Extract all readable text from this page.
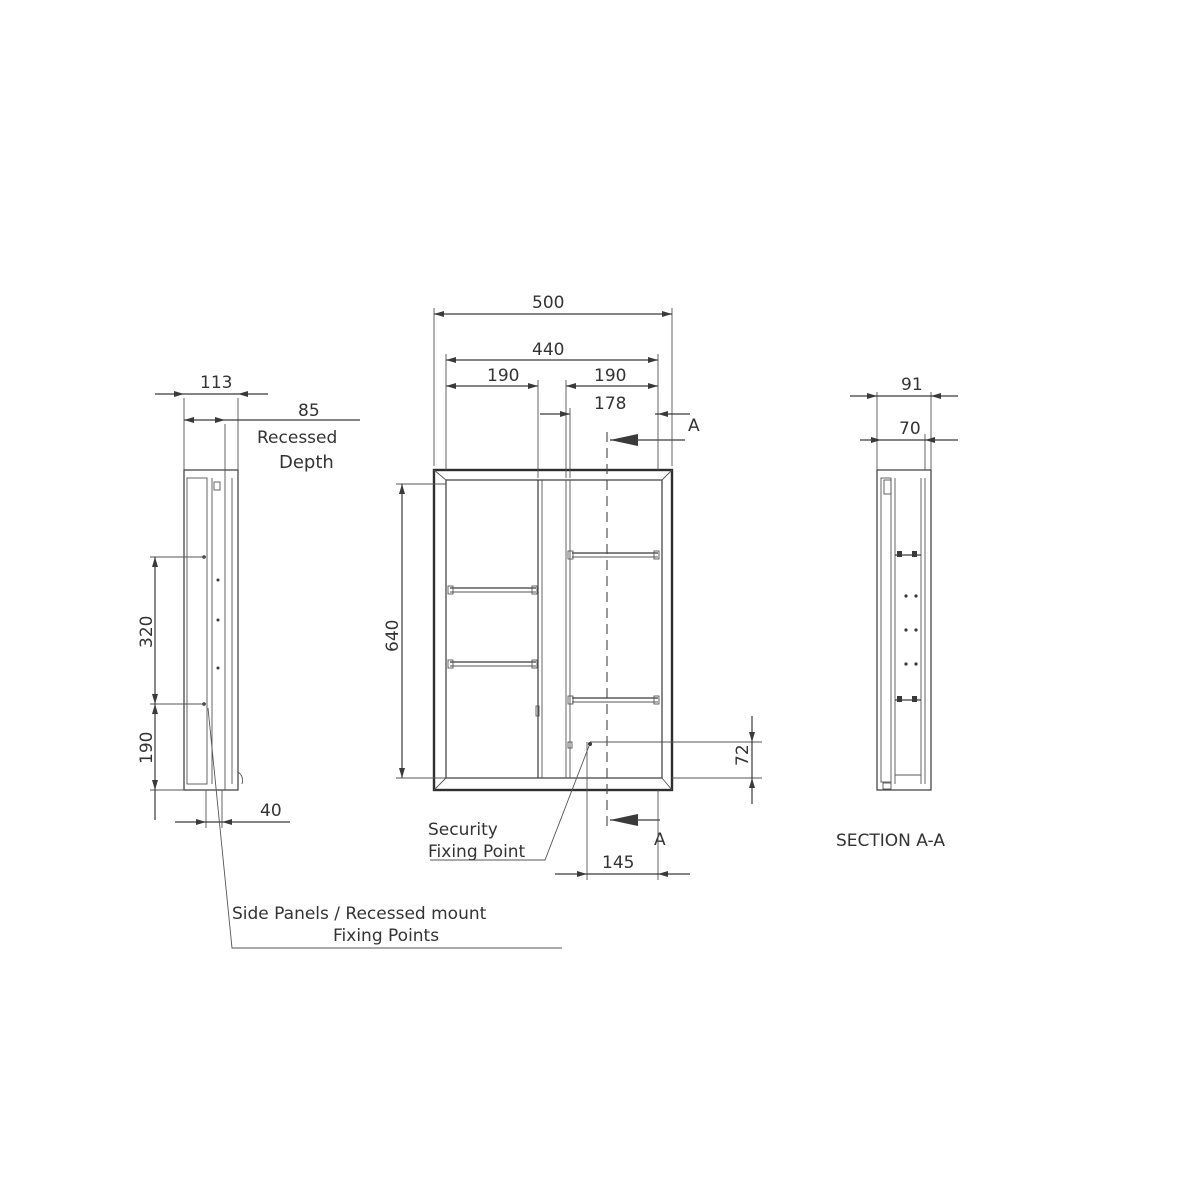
113
85
Recessed
Depth
320
190
40
Side Panels / Recessed mount
Fixing Points
A
A
500
440
190	190
178
640
72
145
Security
Fixing Point
91
70
SECTION A-A
